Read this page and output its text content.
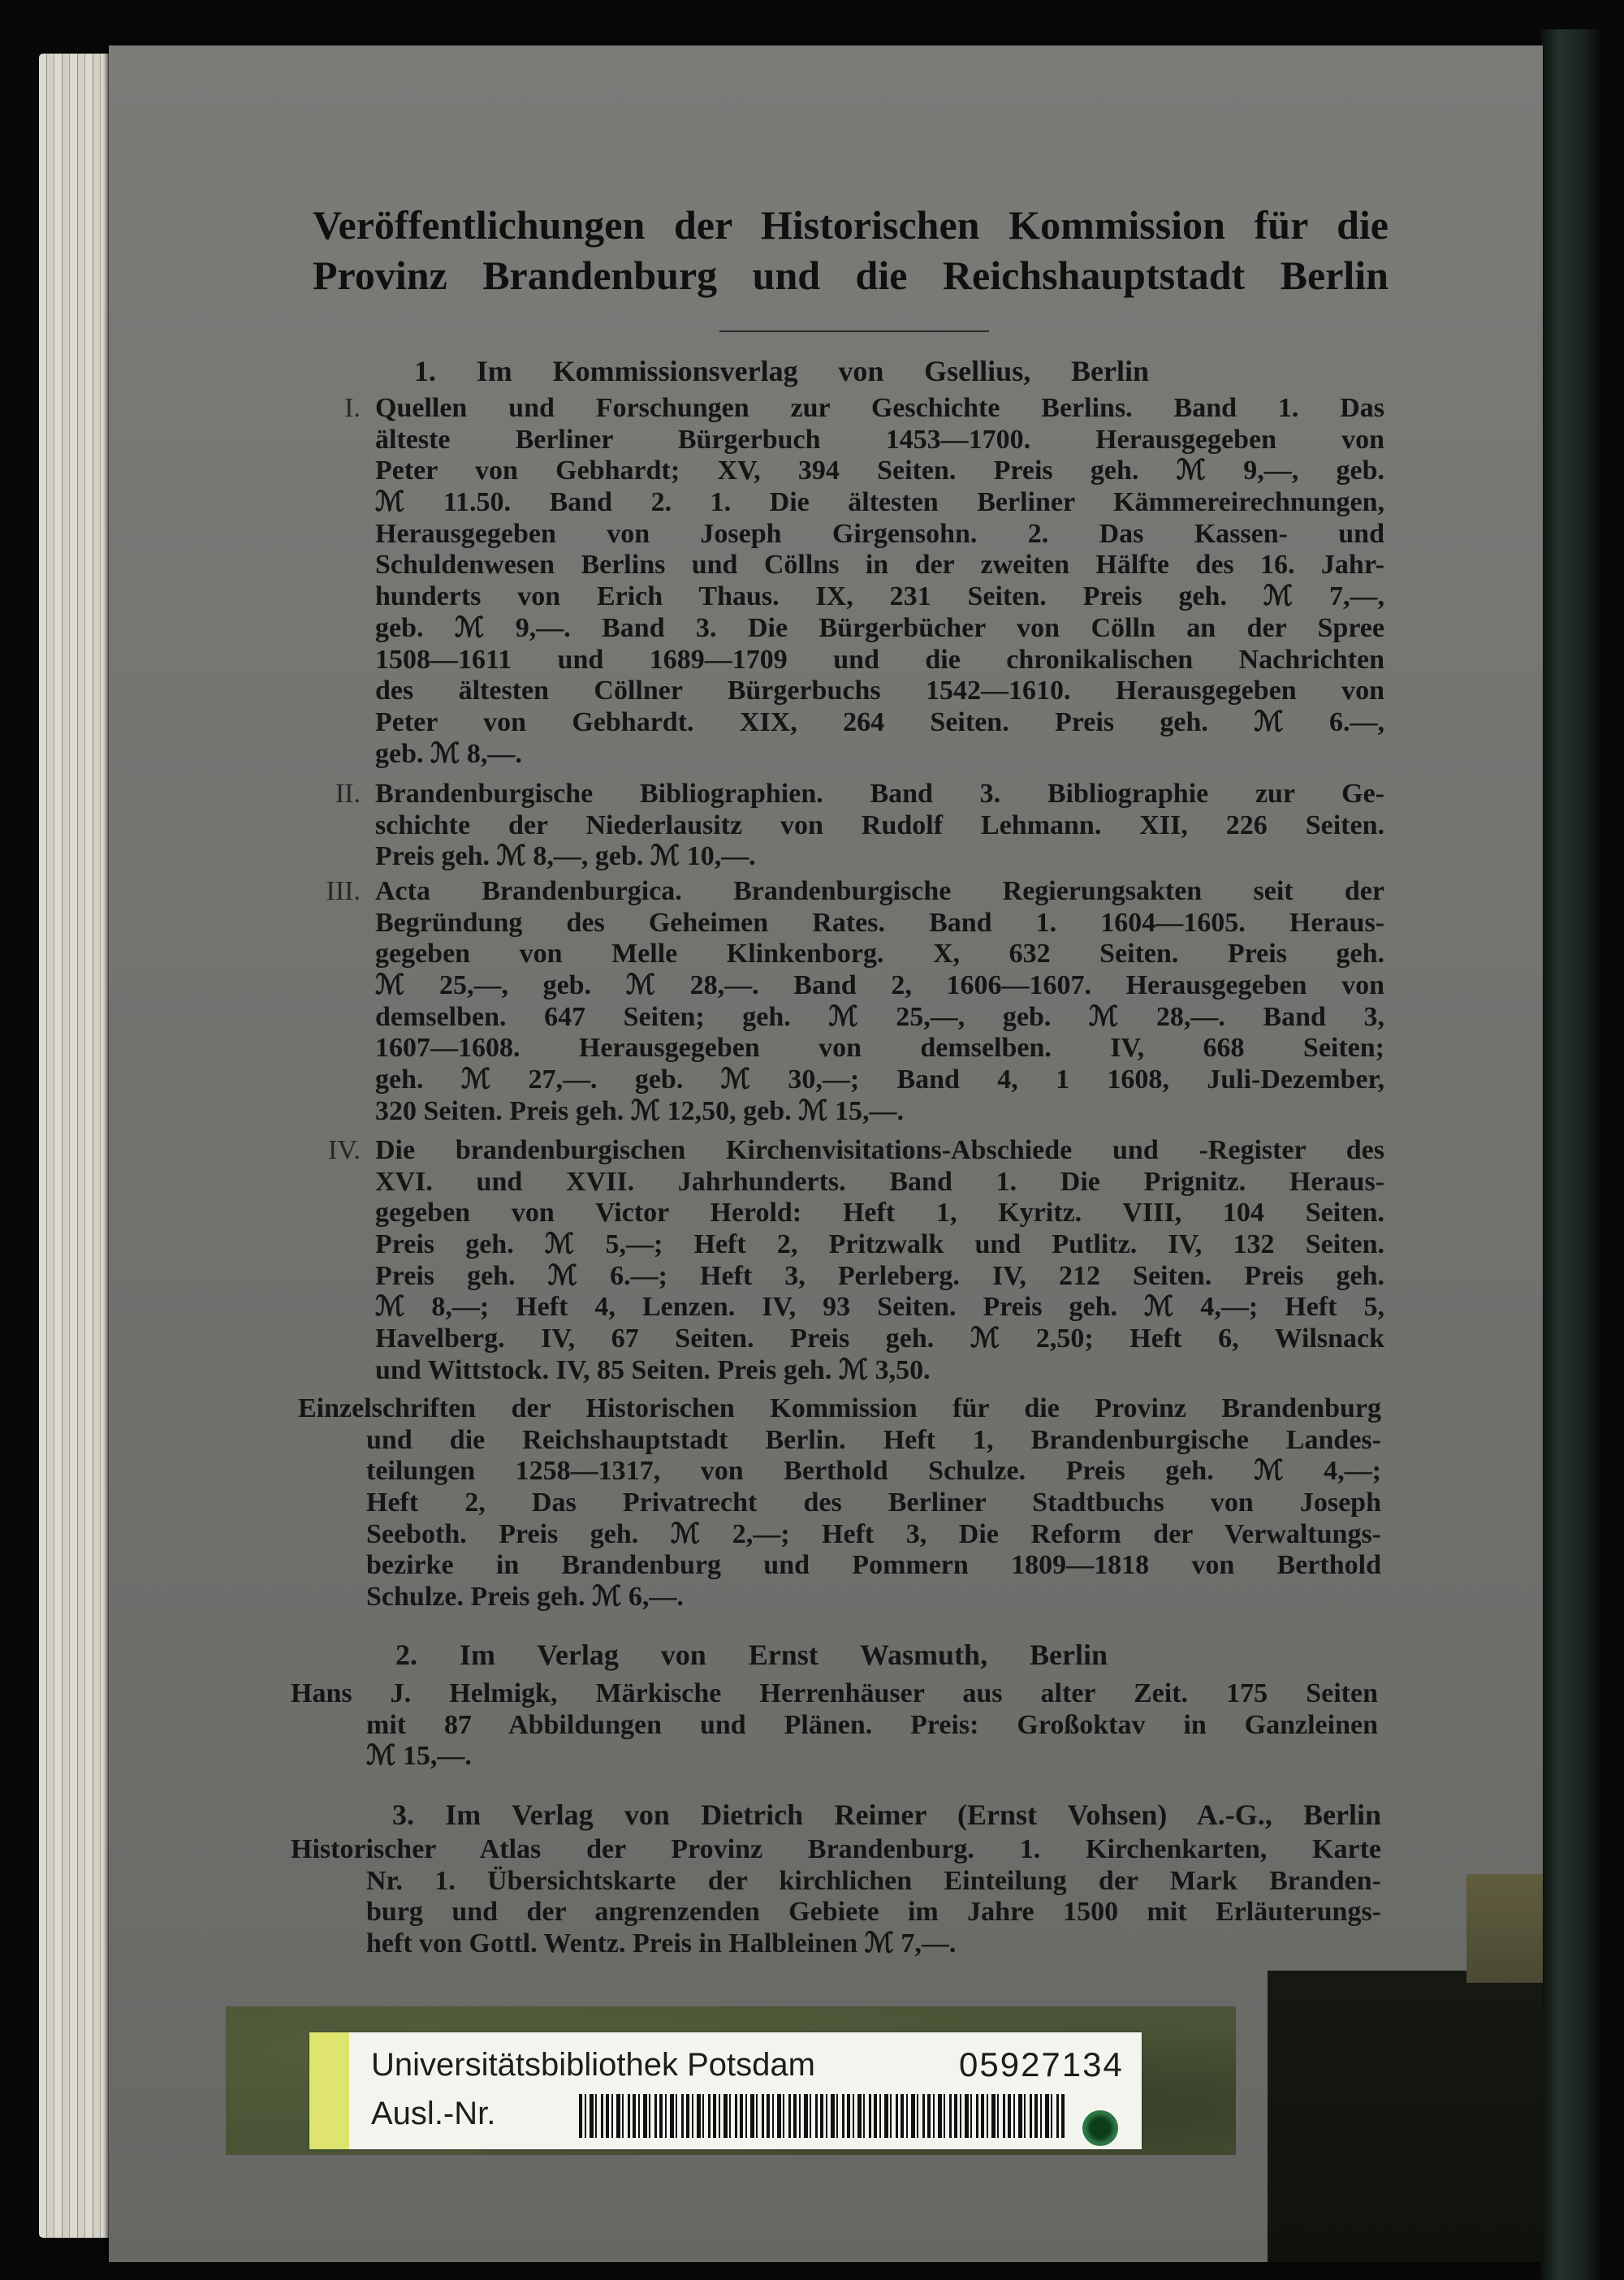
Veröffentlichungen der Historischen Kommission für die
Provinz Brandenburg und die Reichshauptstadt Berlin
1. Im Kommissionsverlag von Gsellius, Berlin
I. Quellen und Forschungen zur Geschichte Berlins. Band 1. Das
älteste Berliner Bürgerbuch 1453—1700. Herausgegeben von
Peter von Gebhardt; XV, 394 Seiten. Preis geh. ℳ 9,—, geb.
ℳ 11.50. Band 2. 1. Die ältesten Berliner Kämmereirechnungen,
Herausgegeben von Joseph Girgensohn. 2. Das Kassen- und
Schuldenwesen Berlins und Cöllns in der zweiten Hälfte des 16. Jahr-
hunderts von Erich Thaus. IX, 231 Seiten. Preis geh. ℳ 7,—,
geb. ℳ 9,—. Band 3. Die Bürgerbücher von Cölln an der Spree
1508—1611 und 1689—1709 und die chronikalischen Nachrichten
des ältesten Cöllner Bürgerbuchs 1542—1610. Herausgegeben von
Peter von Gebhardt. XIX, 264 Seiten. Preis geh. ℳ 6.—,
geb. ℳ 8,—.
II. Brandenburgische Bibliographien. Band 3. Bibliographie zur Ge-
schichte der Niederlausitz von Rudolf Lehmann. XII, 226 Seiten.
Preis geh. ℳ 8,—, geb. ℳ 10,—.
III. Acta Brandenburgica. Brandenburgische Regierungsakten seit der
Begründung des Geheimen Rates. Band 1. 1604—1605. Heraus-
gegeben von Melle Klinkenborg. X, 632 Seiten. Preis geh.
ℳ 25,—, geb. ℳ 28,—. Band 2, 1606—1607. Herausgegeben von
demselben. 647 Seiten; geh. ℳ 25,—, geb. ℳ 28,—. Band 3,
1607—1608. Herausgegeben von demselben. IV, 668 Seiten;
geh. ℳ 27,—. geb. ℳ 30,—; Band 4, 1 1608, Juli-Dezember,
320 Seiten. Preis geh. ℳ 12,50, geb. ℳ 15,—.
IV. Die brandenburgischen Kirchenvisitations-Abschiede und -Register des
XVI. und XVII. Jahrhunderts. Band 1. Die Prignitz. Heraus-
gegeben von Victor Herold: Heft 1, Kyritz. VIII, 104 Seiten.
Preis geh. ℳ 5,—; Heft 2, Pritzwalk und Putlitz. IV, 132 Seiten.
Preis geh. ℳ 6.—; Heft 3, Perleberg. IV, 212 Seiten. Preis geh.
ℳ 8,—; Heft 4, Lenzen. IV, 93 Seiten. Preis geh. ℳ 4,—; Heft 5,
Havelberg. IV, 67 Seiten. Preis geh. ℳ 2,50; Heft 6, Wilsnack
und Wittstock. IV, 85 Seiten. Preis geh. ℳ 3,50.
Einzelschriften der Historischen Kommission für die Provinz Brandenburg
und die Reichshauptstadt Berlin. Heft 1, Brandenburgische Landes-
teilungen 1258—1317, von Berthold Schulze. Preis geh. ℳ 4,—;
Heft 2, Das Privatrecht des Berliner Stadtbuchs von Joseph
Seeboth. Preis geh. ℳ 2,—; Heft 3, Die Reform der Verwaltungs-
bezirke in Brandenburg und Pommern 1809—1818 von Berthold
Schulze. Preis geh. ℳ 6,—.
2. Im Verlag von Ernst Wasmuth, Berlin
Hans J. Helmigk, Märkische Herrenhäuser aus alter Zeit. 175 Seiten
mit 87 Abbildungen und Plänen. Preis: Großoktav in Ganzleinen
ℳ 15,—.
3. Im Verlag von Dietrich Reimer (Ernst Vohsen) A.-G., Berlin
Historischer Atlas der Provinz Brandenburg. 1. Kirchenkarten, Karte
Nr. 1. Übersichtskarte der kirchlichen Einteilung der Mark Branden-
burg und der angrenzenden Gebiete im Jahre 1500 mit Erläuterungs-
heft von Gottl. Wentz. Preis in Halbleinen ℳ 7,—.
Universitätsbibliothek Potsdam	05927134
Ausl.-Nr.
